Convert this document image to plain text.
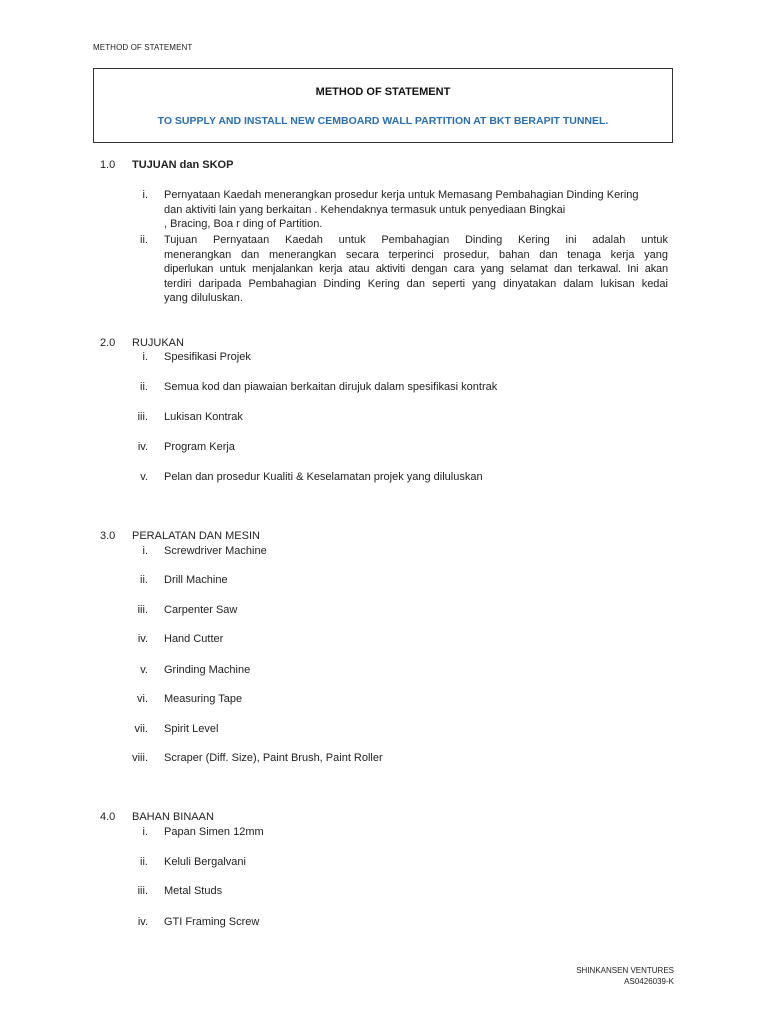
METHOD OF STATEMENT
METHOD OF STATEMENT
TO SUPPLY AND INSTALL NEW CEMBOARD WALL PARTITION AT BKT BERAPIT TUNNEL.
1.0	TUJUAN dan SKOP
i. Pernyataan Kaedah menerangkan prosedur kerja untuk Memasang Pembahagian Dinding Kering
dan aktiviti lain yang berkaitan . Kehendaknya termasuk untuk penyediaan Bingkai
, Bracing, Boa r ding of Partition.
ii. Tujuan Pernyataan Kaedah untuk Pembahagian Dinding Kering ini adalah untuk
menerangkan dan menerangkan secara terperinci prosedur, bahan dan tenaga kerja yang
diperlukan untuk menjalankan kerja atau aktiviti dengan cara yang selamat dan terkawal. Ini akan
terdiri daripada Pembahagian Dinding Kering dan seperti yang dinyatakan dalam lukisan kedai
yang diluluskan.
2.0	RUJUKAN
i. Spesifikasi Projek
ii. Semua kod dan piawaian berkaitan dirujuk dalam spesifikasi kontrak
iii. Lukisan Kontrak
iv. Program Kerja
v. Pelan dan prosedur Kualiti & Keselamatan projek yang diluluskan
3.0	PERALATAN DAN MESIN
i. Screwdriver Machine
ii. Drill Machine
iii. Carpenter Saw
iv. Hand Cutter
v. Grinding Machine
vi. Measuring Tape
vii. Spirit Level
viii. Scraper (Diff. Size), Paint Brush, Paint Roller
4.0	BAHAN BINAAN
i. Papan Simen 12mm
ii. Keluli Bergalvani
iii. Metal Studs
iv. GTI Framing Screw
SHINKANSEN VENTURES
AS0426039-K
